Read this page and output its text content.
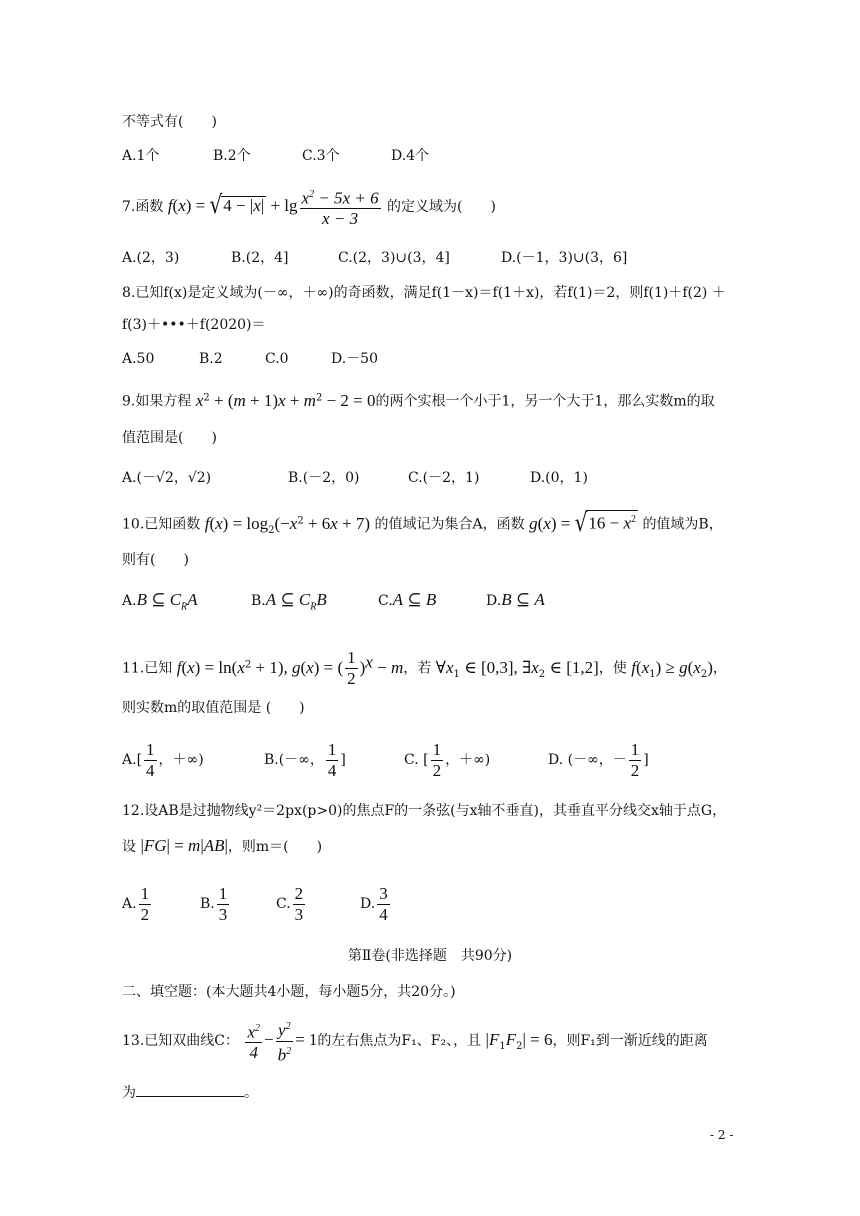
不等式有(　　)
A.1个	B.2个	C.3个	D.4个
7.函数 $f(x) = √4 - |x| + \lg \frac{x^2 - 5x + 6}{x - 3}$ 的定义域为(　　)
A.(2，3)	B.(2，4]	C.(2，3)∪(3，4]	D.(－1，3)∪(3，6]
8.已知f(x)是定义域为(－∞，＋∞)的奇函数，满足f(1－x)＝f(1＋x)，若f(1)＝2，则f(1)＋f(2) ＋
f(3)＋•••＋f(2020)＝
A.50	B.2	C.0	D.－50
9.如果方程 $x^2 + (m + 1)x + m^2 - 2 = 0$的两个实根一个小于1，另一个大于1，那么实数m的取
值范围是(　　)
A.(－√2，√2)	B.(－2，0)	C.(－2，1)	D.(0，1)
10.已知函数 $f(x) = \log_2(-x^2 + 6x + 7)$ 的值域记为集合A，函数 $g(x) = √16 - x^2$ 的值域为B，
则有(　　)
A.B ⊆ $C_RA$	B.A ⊆ $C_RB$	C.A ⊆ B	D.B ⊆ A
11.已知 $f(x) = \ln(x^2 + 1)$, g(x) = ( $\frac{1}{2} )^x - m$，若 $\forall x_1$ ∈ [0,3], $\exists x_2$ ∈ [1,2]，使 $f(x_1) \ge g(x_2)$，
则实数m的取值范围是 (　　)
$A.[ \frac{1}{4}$ ，＋∞)	B.(－∞， $\frac{1}{4}$ ]	C. [ $\frac{1}{2}$ ，＋∞)	D. (－∞，－ $\frac{1}{2}$ ]
12.设AB是过抛物线y²＝2px(p>0)的焦点F的一条弦(与x轴不垂直)，其垂直平分线交x轴于点G，
设 |FG| = m|AB|，则m＝(　　)
A. $\frac{1}{2}$	B. $\frac{1}{3}$	C. $\frac{2}{3}$	D. $\frac{3}{4}$
第Ⅱ卷(非选择题　共90分)
二、填空题：(本大题共4小题，每小题5分，共20分。)
13.已知双曲线C： $\frac{x^2}{4} - \frac{y^2}{b^2} = 1$的左右焦点为F₁、F₂、，且 $|F_1F_2| = 6$，则F₁到一渐近线的距离
为	。
- 2 -
